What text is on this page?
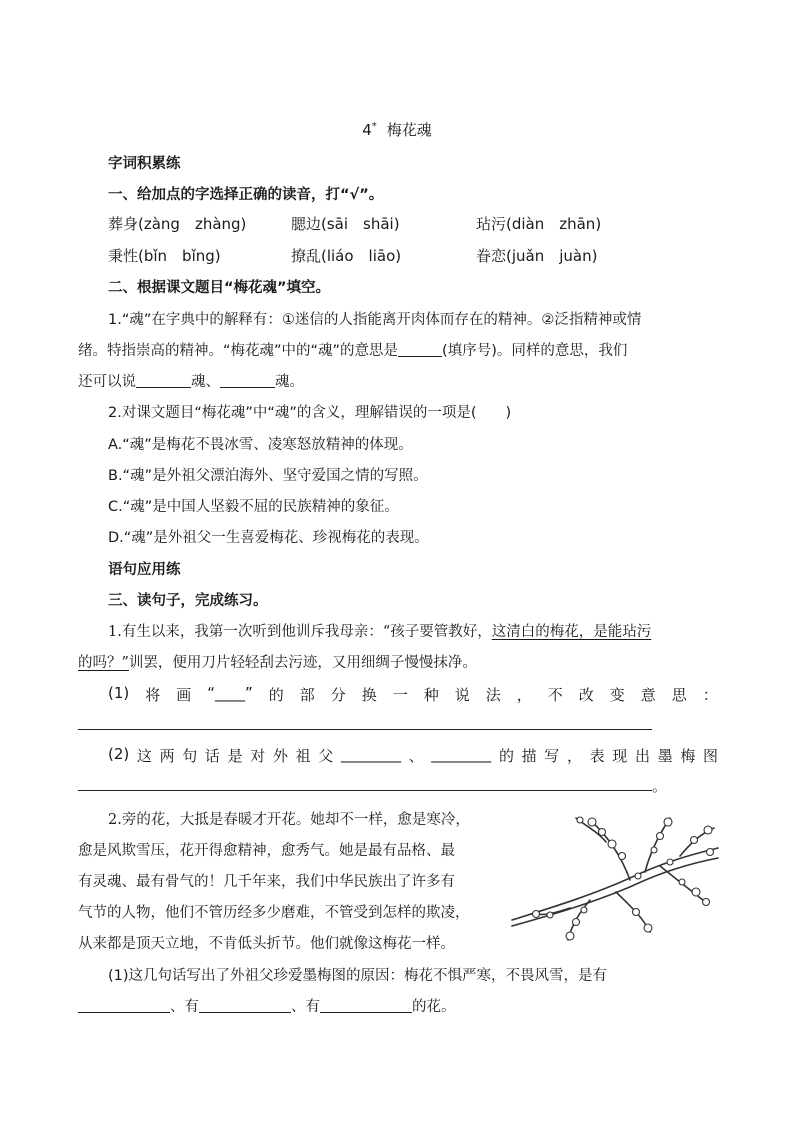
4* 梅花魂
字词积累练
一、给加点的字选择正确的读音，打“√”。
葬身(zàng　zhàng)	腮边(sāi　shāi)	玷污(diàn　zhān)
秉性(bǐn　bǐng)	撩乱(liáo　liāo)	眷恋(juǎn　juàn)
二、根据课文题目“梅花魂”填空。
1.“魂”在字典中的解释有：①迷信的人指能离开肉体而存在的精神。②泛指精神或情
绪。特指崇高的精神。“梅花魂”中的“魂”的意思是	(填序号)。同样的意思，我们
还可以说	魂、	魂。
2.对课文题目“梅花魂”中“魂”的含义，理解错误的一项是(　　)
A.“魂”是梅花不畏冰雪、凌寒怒放精神的体现。
B.“魂”是外祖父漂泊海外、坚守爱国之情的写照。
C.“魂”是中国人坚毅不屈的民族精神的象征。
D.“魂”是外祖父一生喜爱梅花、珍视梅花的表现。
语句应用练
三、读句子，完成练习。
1.有生以来，我第一次听到他训斥我母亲：“孩子要管教好，这清白的梅花，是能玷污
的吗？”训罢，便用刀片轻轻刮去污迹，又用细绸子慢慢抹净。
(1) 将 画 “____” 的 部 分 换 一 种 说 法 ， 不 改 变 意 思 ：
(2) 这 两 句 话 是 对 外 祖 父 ________ 、 ________ 的 描 写 ， 表 现 出 墨 梅 图
。
2.旁的花，大抵是春暖才开花。她却不一样，愈是寒冷，
愈是风欺雪压，花开得愈精神，愈秀气。她是最有品格、最
有灵魂、最有骨气的！几千年来，我们中华民族出了许多有
气节的人物，他们不管历经多少磨难，不管受到怎样的欺凌，
从来都是顶天立地，不肯低头折节。他们就像这梅花一样。
(1)这几句话写出了外祖父珍爱墨梅图的原因：梅花不惧严寒，不畏风雪，是有
、有	、有	的花。
